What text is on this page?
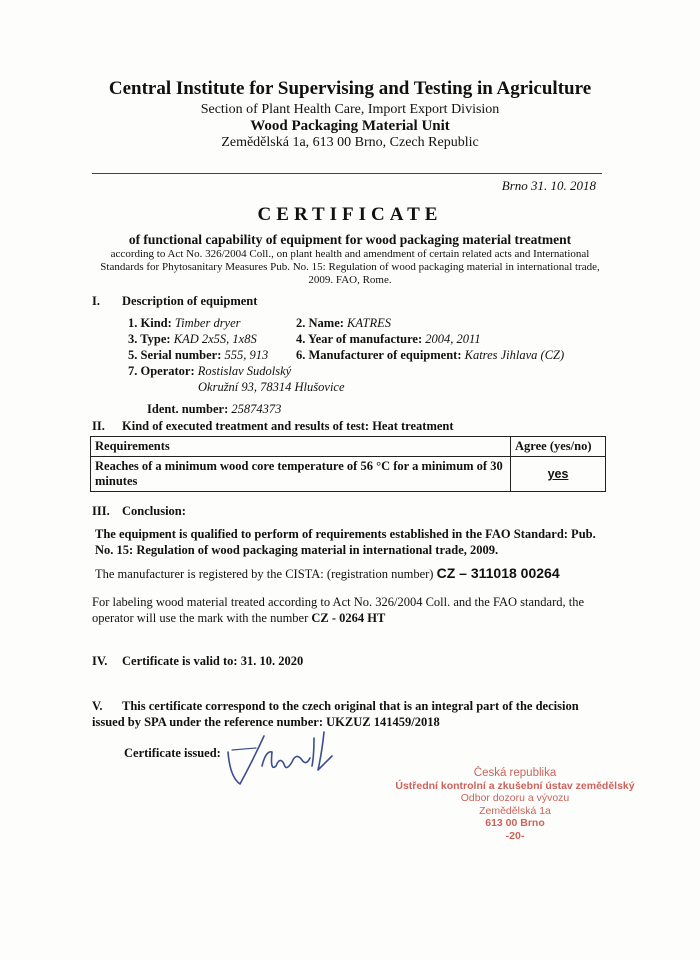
Central Institute for Supervising and Testing in Agriculture
Section of Plant Health Care, Import Export Division
Wood Packaging Material Unit
Zemědělská 1a, 613 00 Brno, Czech Republic
Brno 31. 10. 2018
CERTIFICATE
of functional capability of equipment for wood packaging material treatment
according to Act No. 326/2004 Coll., on plant health and amendment of certain related acts and International Standards for Phytosanitary Measures Pub. No. 15: Regulation of wood packaging material in international trade, 2009. FAO, Rome.
I. Description of equipment
1. Kind: Timber dryer	2. Name: KATRES
3. Type: KAD 2x5S, 1x8S	4. Year of manufacture: 2004, 2011
5. Serial number: 555, 913 6. Manufacturer of equipment: Katres Jihlava (CZ)
7. Operator: Rostislav Sudolský
Okružní 93, 78314 Hlušovice
Ident. number: 25874373
II. Kind of executed treatment and results of test: Heat treatment
Requirements	Agree (yes/no)
Reaches of a minimum wood core temperature of 56 °C for a minimum of 30 minutes	yes
III. Conclusion:
The equipment is qualified to perform of requirements established in the FAO Standard: Pub. No. 15: Regulation of wood packaging material in international trade, 2009.
The manufacturer is registered by the CISTA: (registration number) CZ – 311018 00264
For labeling wood material treated according to Act No. 326/2004 Coll. and the FAO standard, the operator will use the mark with the number CZ - 0264 HT
IV. Certificate is valid to: 31. 10. 2020
V. This certificate correspond to the czech original that is an integral part of the decision issued by SPA under the reference number: UKZUZ 141459/2018
Certificate issued:
Česká republika
Ústřední kontrolní a zkušební ústav zemědělský
Odbor dozoru a vývozu
Zemědělská 1a
613 00 Brno
-20-
